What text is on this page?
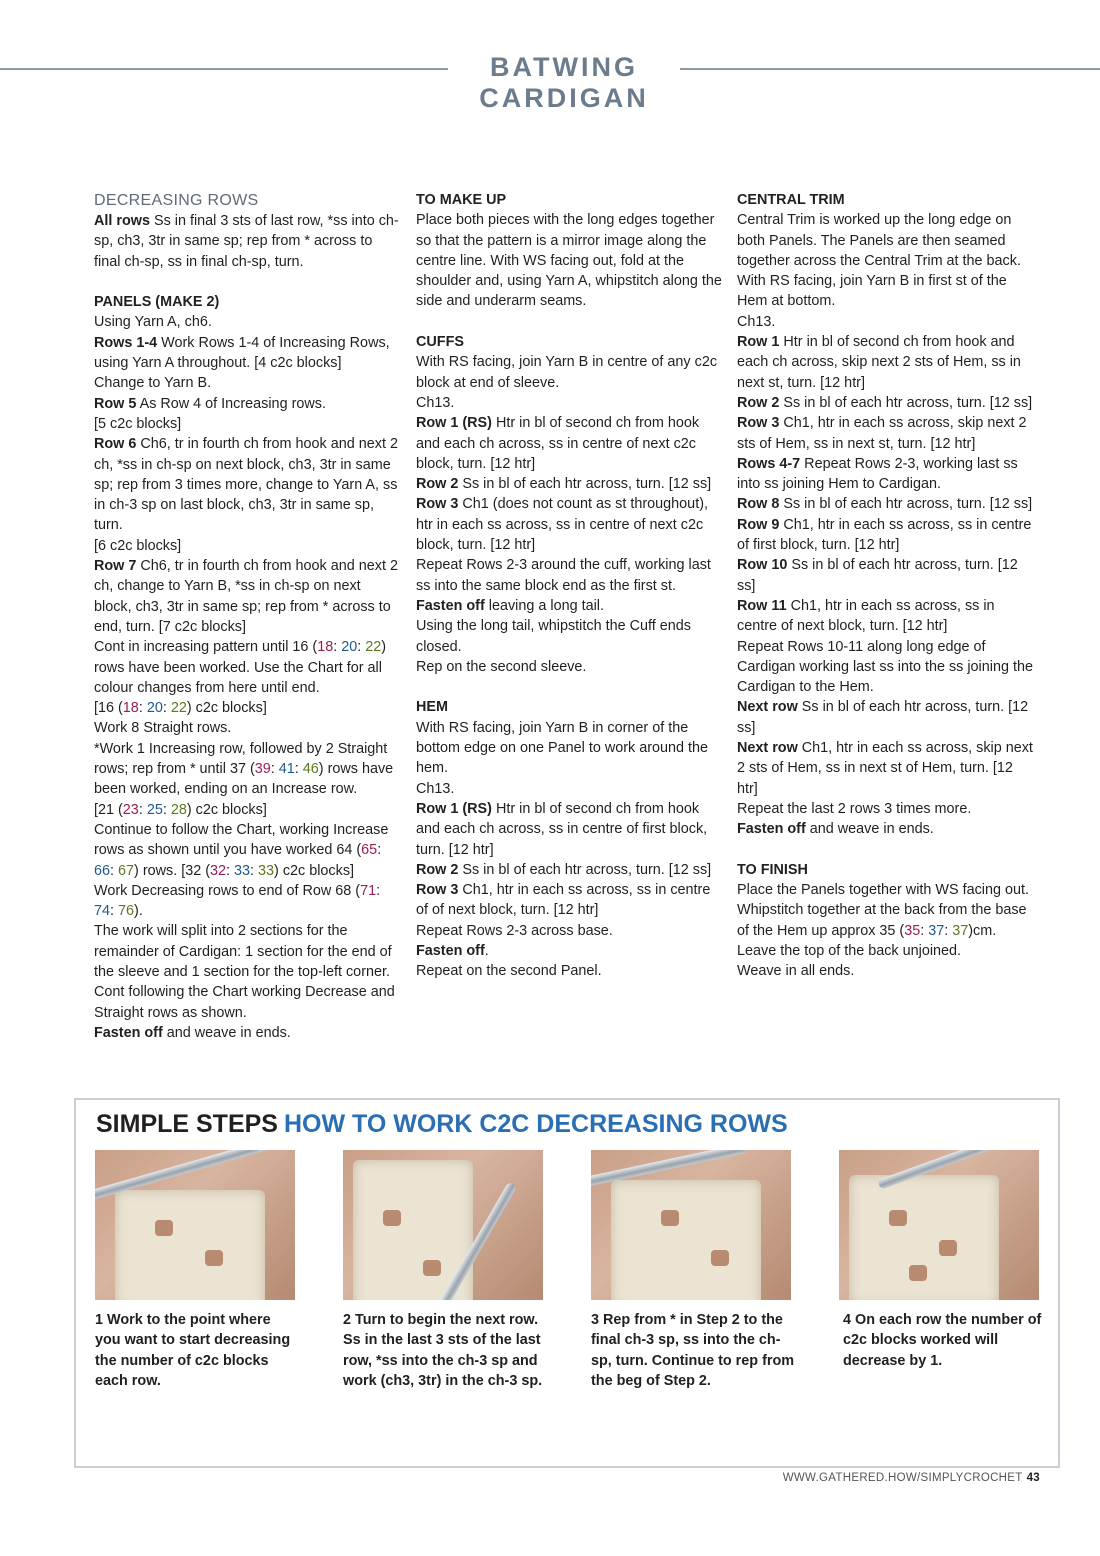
BATWING CARDIGAN

DECREASING ROWS

All rows Ss in final 3 sts of last row, *ss into ch-sp, ch3, 3tr in same sp; rep from * across to final ch-sp, ss in final ch-sp, turn.

PANELS (MAKE 2)

Using Yarn A, ch6.

Rows 1-4 Work Rows 1-4 of Increasing Rows, using Yarn A throughout. [4 c2c blocks]

Change to Yarn B.

Row 5 As Row 4 of Increasing rows.

[5 c2c blocks]

Row 6 Ch6, tr in fourth ch from hook and next 2 ch, *ss in ch-sp on next block, ch3, 3tr in same sp; rep from 3 times more, change to Yarn A, ss in ch-3 sp on last block, ch3, 3tr in same sp, turn.

[6 c2c blocks]

Row 7 Ch6, tr in fourth ch from hook and next 2 ch, change to Yarn B, *ss in ch-sp on next block, ch3, 3tr in same sp; rep from * across to end, turn. [7 c2c blocks]

Cont in increasing pattern until 16 (18: 20: 22) rows have been worked. Use the Chart for all colour changes from here until end.

[16 (18: 20: 22) c2c blocks]

Work 8 Straight rows.

*Work 1 Increasing row, followed by 2 Straight rows; rep from * until 37 (39: 41: 46) rows have been worked, ending on an Increase row.

[21 (23: 25: 28) c2c blocks]

Continue to follow the Chart, working Increase rows as shown until you have worked 64 (65: 66: 67) rows. [32 (32: 33: 33) c2c blocks]

Work Decreasing rows to end of Row 68 (71: 74: 76).

The work will split into 2 sections for the remainder of Cardigan: 1 section for the end of the sleeve and 1 section for the top-left corner. Cont following the Chart working Decrease and Straight rows as shown.

Fasten off and weave in ends.

TO MAKE UP

Place both pieces with the long edges together so that the pattern is a mirror image along the centre line. With WS facing out, fold at the shoulder and, using Yarn A, whipstitch along the side and underarm seams.

CUFFS

With RS facing, join Yarn B in centre of any c2c block at end of sleeve.

Ch13.

Row 1 (RS) Htr in bl of second ch from hook and each ch across, ss in centre of next c2c block, turn. [12 htr]

Row 2 Ss in bl of each htr across, turn. [12 ss]

Row 3 Ch1 (does not count as st throughout), htr in each ss across, ss in centre of next c2c block, turn. [12 htr]

Repeat Rows 2-3 around the cuff, working last ss into the same block end as the first st.

Fasten off leaving a long tail.

Using the long tail, whipstitch the Cuff ends closed.

Rep on the second sleeve.

HEM

With RS facing, join Yarn B in corner of the bottom edge on one Panel to work around the hem.

Ch13.

Row 1 (RS) Htr in bl of second ch from hook and each ch across, ss in centre of first block, turn. [12 htr]

Row 2 Ss in bl of each htr across, turn. [12 ss]

Row 3 Ch1, htr in each ss across, ss in centre of of next block, turn. [12 htr]

Repeat Rows 2-3 across base.

Fasten off.

Repeat on the second Panel.

CENTRAL TRIM

Central Trim is worked up the long edge on both Panels. The Panels are then seamed together across the Central Trim at the back. With RS facing, join Yarn B in first st of the Hem at bottom.

Ch13.

Row 1 Htr in bl of second ch from hook and each ch across, skip next 2 sts of Hem, ss in next st, turn. [12 htr]

Row 2 Ss in bl of each htr across, turn. [12 ss]

Row 3 Ch1, htr in each ss across, skip next 2 sts of Hem, ss in next st, turn. [12 htr]

Rows 4-7 Repeat Rows 2-3, working last ss into ss joining Hem to Cardigan.

Row 8 Ss in bl of each htr across, turn. [12 ss]

Row 9 Ch1, htr in each ss across, ss in centre of first block, turn. [12 htr]

Row 10 Ss in bl of each htr across, turn. [12 ss]

Row 11 Ch1, htr in each ss across, ss in centre of next block, turn. [12 htr]

Repeat Rows 10-11 along long edge of Cardigan working last ss into the ss joining the Cardigan to the Hem.

Next row Ss in bl of each htr across, turn. [12 ss]

Next row Ch1, htr in each ss across, skip next 2 sts of Hem, ss in next st of Hem, turn. [12 htr]

Repeat the last 2 rows 3 times more.

Fasten off and weave in ends.

TO FINISH

Place the Panels together with WS facing out. Whipstitch together at the back from the base of the Hem up approx 35 (35: 37: 37)cm. Leave the top of the back unjoined.

Weave in all ends.

SIMPLE STEPS HOW TO WORK C2C DECREASING ROWS
1 Work to the point where you want to start decreasing the number of c2c blocks each row.
2 Turn to begin the next row. Ss in the last 3 sts of the last row, *ss into the ch-3 sp and work (ch3, 3tr) in the ch-3 sp.
3 Rep from * in Step 2 to the final ch-3 sp, ss into the ch-sp, turn. Continue to rep from the beg of Step 2.
4 On each row the number of c2c blocks worked will decrease by 1.
WWW.GATHERED.HOW/SIMPLYCROCHET 43
